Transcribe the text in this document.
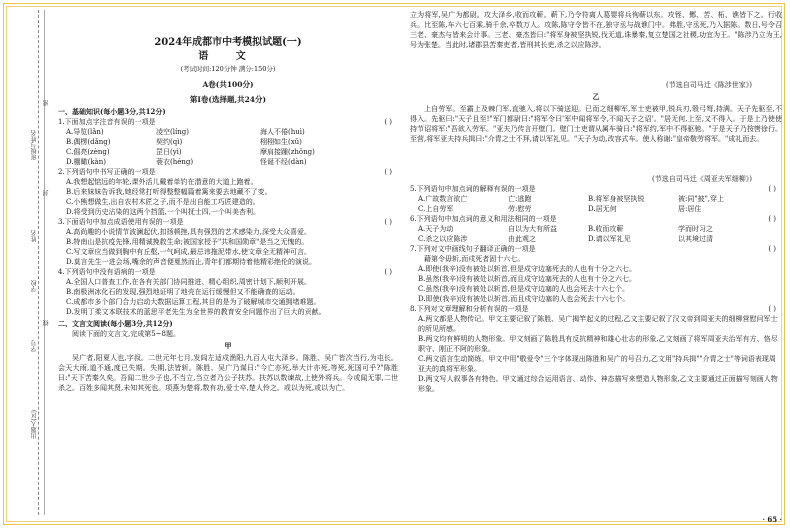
密
班级与姓名
封
姓名
学校
线
出题人(区)
学号
2024年成都市中考模拟试题(一)
语 文
(考试时间:120分钟 满分:150分)
A卷(共100分)
第Ⅰ卷(选择题,共24分)
一、基础知识(每小题3分,共12分)
1.下面加点字注音有误的一项是	( )
A.导览(lǎn)	凌空(líng)	海人不倦(huì)
B.偶楞(dǎng)	契约(qì)	栩栩如生(xǔ)
C.倔亮(zèng)	罡日(yì)	摩肩接踵(zhǒng)
D.棚瞰(kàn)	蓑衣(héng)	怪诞不经(dàn)
2.下列语句中书写正确的一项是	( )
A.我想起惦远的年轮,课外活儿戴着单钓在潜意的大道上跑着。
B.后来妹妹告诉我,她经常打听得整整幅篇着篱来要去地藏不了变。
C.小熊想做生,出自农村木匠之子,而不是出自能工巧匠建造的。
D.将受到历史沾染的这两个挡篮,一个叫抚士四,一个叫美杏利。
3.下面语句中加点成语使用有误的一项是	( )
A.高尚趣的小说情节波澜起伏,扣扬顿挫,具有强烈的艺术感染力,深受大众喜爱。
B.特南山是抗疫先锋,用精诚挽救生命;被国家授予"共和国勋章"是当之无愧的。
C.写文章应当做到胸中有丘壑,一气呵成,最忌讳拖泥带水,使文章全无精神可言。
D.莫言先生一进会场,嘴余的声音便戛然而止,青年们都期待着他精彩绝伦的演说。
4.下列语句中没有语病的一项是	( )
A.全国人口普查工作,在各有关部门协同推进、精心组织,周密计划下,顺利开展。
B.南极洲冰化石的发现,强烈地证明了地壳在运行缓慢但又不能确查的运动。
C.成都市多个部门合力启动大数据运算工程,其目的是为了破解城市交通拥堵难题。
D.发明丁柔文本联技术的蓝思平老先生为全世界的教育安全问题作出了巨大的贡献。
二、文言文阅读(每小题3分,共12分)
阅读下面的文言文,完成第5~8题。
甲
吴广者,阳夏人也,字叔。二世元年七月,发闾左适戍渔阳,九百人屯大泽乡。陈胜、吴广皆次当行,为屯长。会天大雨,道不通,度已失期。失期,法皆斩。陈胜、吴广乃谋曰:"今亡亦死,举大计亦死,等死,死国可乎?"陈胜曰:"天下苦秦久矣。吾闻二世少子也,不当立,当立者乃公子扶苏。扶苏以数谏故,上使外将兵。今或闻无罪,二世杀之。百姓多闻其贤,未知其死也。项燕为楚将,数有功,爱士卒,楚人怜之。或以为死,或以为亡。
立为将军,吴广为都尉。攻大泽乡,收而攻蕲。蕲下,乃令符离人葛婴将兵徇蕲以东。攻铚、酂、苦、柘、谯皆下之。行收兵。比至陈,车六七百乘,骑千余,卒数万人。攻陈,陈守令皆不在,独守丞与战谯门中。弗胜,守丞死,乃入据陈。数日,号令召三老、豪杰与皆来会计事。三老、豪杰皆曰:"将军身被坚执锐,伐无道,诛暴秦,复立楚国之社稷,功宜为王。"陈涉乃立为王,号为张楚。当此时,诸郡县苦秦吏者,皆刑其长吏,杀之以应陈涉。
(节选自司马迁《陈涉世家》)
乙
上自劳军。至霸上及棘门军,直驰入,将以下骑送迎。已而之细柳军,军士吏被甲,锐兵刃,彀弓弩,持满。天子先驱至,不得入。先驱曰:"天子且至!"军门都尉曰:"将军令曰'军中闻将军令,不闻天子之诏'。"居无何,上至,又不得入。于是上乃使使持节诏将军:"吾欲入劳军。"亚夫乃传言开壁门。壁门士吏谓从属车骑曰:"将军约,军中不得驱驰。"于是天子乃按辔徐行。至营,将军亚夫持兵揖曰:"介胄之士不拜,请以军礼见。"天子为动,改容式车。使人称谢:"皇帝敬劳将军。"成礼而去。
(节选自司马迁《周亚夫军细柳》)
5.下列语句中加点词的解释有误的一项是	( )
A.广故数言欲亡	亡:逃跑	B.将军身被坚执锐	被:同"披",穿上
C.上自劳军	劳:慰劳	D.居无何	居:居住
6.下列语句中加点词的意义和用法相同的一项是	( )
A.天子为动	自以为大有所益	B.收而攻蕲	学而时习之
C.杀之以应陈涉	由此观之	D.请以军礼见	以其境过清
7.下列对文中画线句子翻译正确的一项是	( )
藉第令毋斩,而戍死者固十六七。
A.即使(我辛)没有被处以斩首,但是戍守边塞死去的人也有十分之六七。
B.虽然(我辛)没有被处以斩首,而且戍守边塞死去的人也有十分之六七。
C.虽然(我辛)没有被处以斩首,但是戍守边塞的人也会死去十六七个。
D.即使(我辛)没有被处以斩首,而且戍守边塞的人也会死去十六七个。
8.下列对文章理解和分析有误的一项是	( )
A.两文都是人物传记。甲文主要记叙了陈胜、吴广揭竿起义的过程,乙文主要记叙了汉文帝到周亚夫的细柳营慰问军士的所见所感。
B.两文均有鲜明的人物形象。甲文刻画了陈胜具有反抗精神和雄心壮志的形象,乙文刻画了将军周亚夫治军有方、恪尽职守、刚正不阿的形象。
C.两文语言生动简练。甲文中用"敬爱令"三个字体现出陈胜和吴广的号召力,乙文用"持兵揖""介胄之士"等词语表现周亚夫的真将军形象。
D.两文写人叙事各有特色。甲文通过综合运用语言、动作、神态描写来塑造人物形象,乙文主要通过正面描写刻画人物形象。
· 65 ·
